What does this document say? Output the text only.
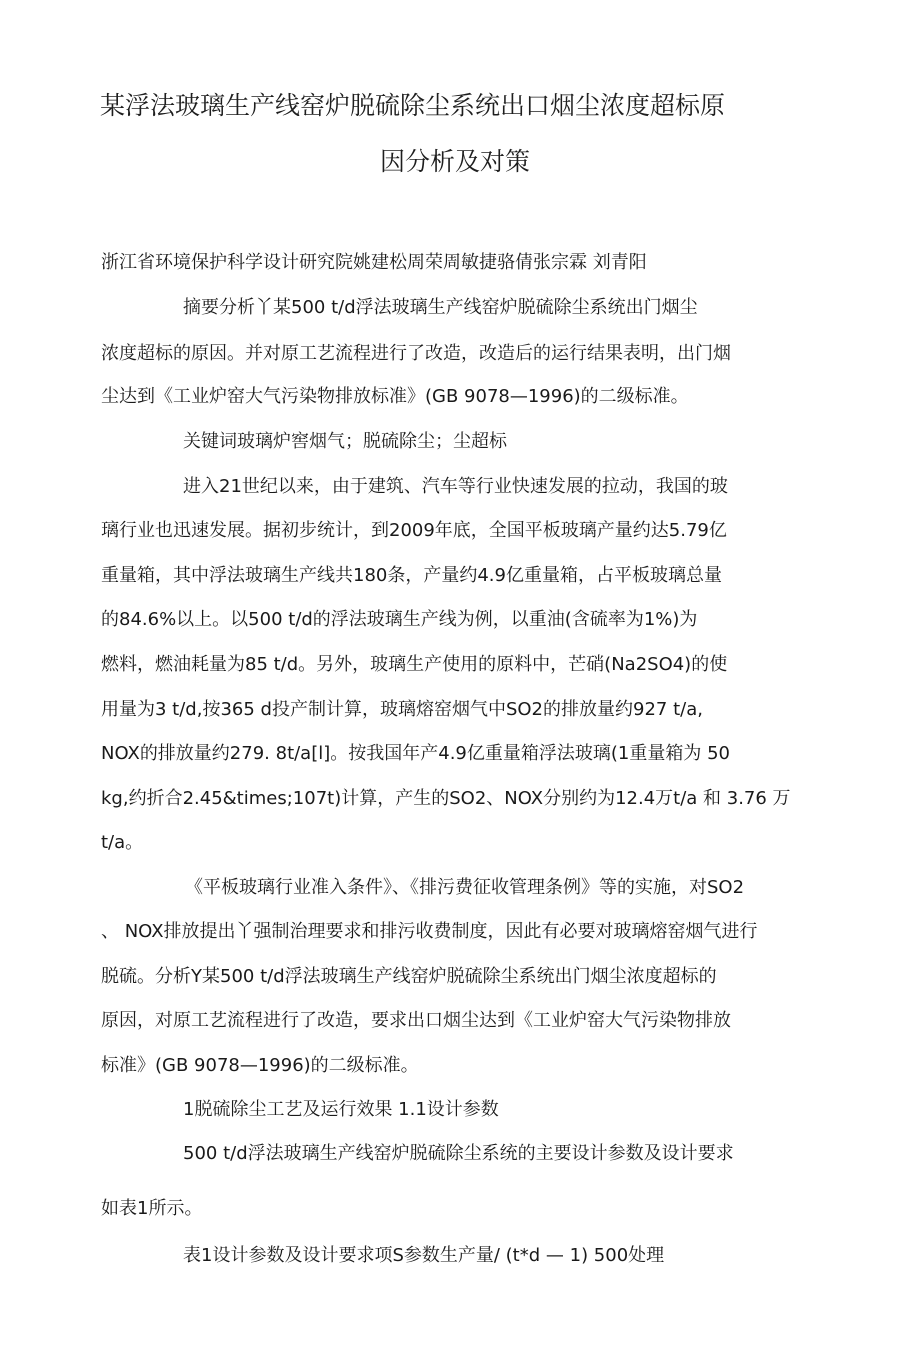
某浮法玻璃生产线窑炉脱硫除尘系统出口烟尘浓度超标原
因分析及对策
浙江省环境保护科学设计研究院姚建松周荣周敏捷骆倩张宗霖 刘青阳
摘要分析丫某500 t/d浮法玻璃生产线窑炉脱硫除尘系统出门烟尘
浓度超标的原因。并对原工艺流程进行了改造，改造后的运行结果表明，出门烟
尘达到《工业炉窑大气污染物排放标准》(GB 9078—1996)的二级标准。
关键词玻璃炉窖烟气；脱硫除尘；尘超标
进入21世纪以来，由于建筑、汽车等行业快速发展的拉动，我国的玻
璃行业也迅速发展。据初步统计，到2009年底，全国平板玻璃产量约达5.79亿
重量箱，其中浮法玻璃生产线共180条，产量约4.9亿重量箱，占平板玻璃总量
的84.6%以上。以500 t/d的浮法玻璃生产线为例，以重油(含硫率为1%)为
燃料，燃油耗量为85 t/d。另外，玻璃生产使用的原料中，芒硝(Na2SO4)的使
用量为3 t/d,按365 d投产制计算，玻璃熔窑烟气中SO2的排放量约927 t/a,
NOX的排放量约279. 8t/a[l]。按我国年产4.9亿重量箱浮法玻璃(1重量箱为 50
kg,约折合2.45&times;107t)计算，产生的SO2、NOX分别约为12.4万t/a 和 3.76 万
t/a。
《平板玻璃行业准入条件》、《排污费征收管理条例》等的实施，对SO2
、 NOX排放提出丫强制治理要求和排污收费制度，因此有必要对玻璃熔窑烟气进行
脱硫。分析Y某500 t/d浮法玻璃生产线窑炉脱硫除尘系统出门烟尘浓度超标的
原因，对原工艺流程进行了改造，要求出口烟尘达到《工业炉窑大气污染物排放
标准》(GB 9078—1996)的二级标准。
1脱硫除尘工艺及运行效果 1.1设计参数
500 t/d浮法玻璃生产线窑炉脱硫除尘系统的主要设计参数及设计要求
如表1所示。
表1设计参数及设计要求项S参数生产量/ (t*d — 1) 500处理
